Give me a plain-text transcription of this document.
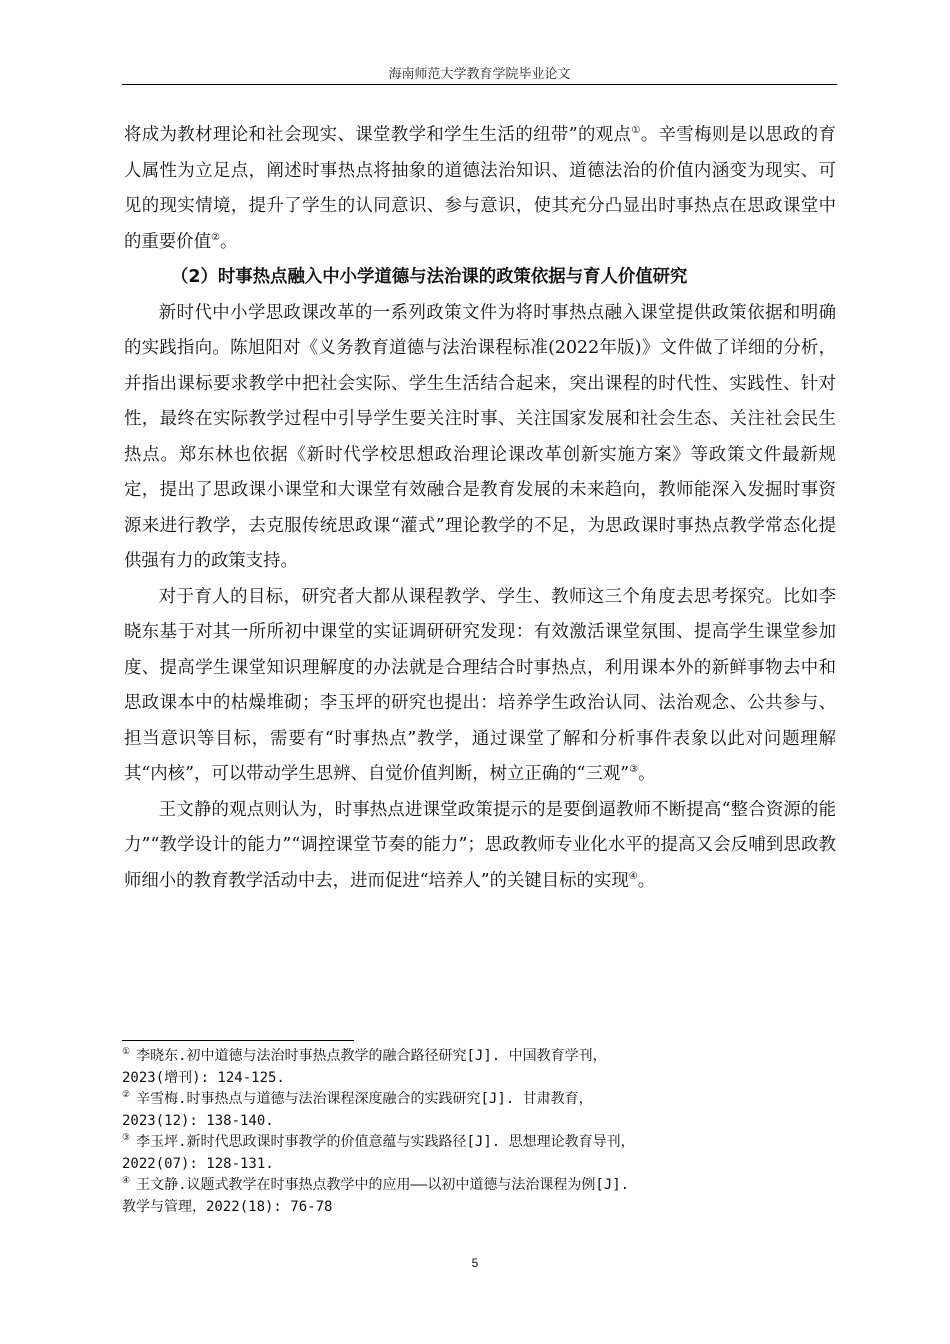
海南师范大学教育学院毕业论文

将成为教材理论和社会现实、课堂教学和学生生活的纽带”的观点①。辛雪梅则是以思政的育人属性为立足点，阐述时事热点将抽象的道德法治知识、道德法治的价值内涵变为现实、可见的现实情境，提升了学生的认同意识、参与意识，使其充分凸显出时事热点在思政课堂中的重要价值②。

（2）时事热点融入中小学道德与法治课的政策依据与育人价值研究

新时代中小学思政课改革的一系列政策文件为将时事热点融入课堂提供政策依据和明确的实践指向。陈旭阳对《义务教育道德与法治课程标准(2022年版)》文件做了详细的分析，并指出课标要求教学中把社会实际、学生生活结合起来，突出课程的时代性、实践性、针对性，最终在实际教学过程中引导学生要关注时事、关注国家发展和社会生态、关注社会民生热点。郑东林也依据《新时代学校思想政治理论课改革创新实施方案》等政策文件最新规定，提出了思政课小课堂和大课堂有效融合是教育发展的未来趋向，教师能深入发掘时事资源来进行教学，去克服传统思政课“灌式”理论教学的不足，为思政课时事热点教学常态化提供强有力的政策支持。

对于育人的目标，研究者大都从课程教学、学生、教师这三个角度去思考探究。比如李晓东基于对其一所所初中课堂的实证调研研究发现：有效激活课堂氛围、提高学生课堂参加度、提高学生课堂知识理解度的办法就是合理结合时事热点，利用课本外的新鲜事物去中和思政课本中的枯燥堆砌；李玉坪的研究也提出：培养学生政治认同、法治观念、公共参与、担当意识等目标，需要有“时事热点”教学，通过课堂了解和分析事件表象以此对问题理解其“内核”，可以带动学生思辨、自觉价值判断，树立正确的“三观”③。

王文静的观点则认为，时事热点进课堂政策提示的是要倒逼教师不断提高“整合资源的能力”“教学设计的能力”“调控课堂节奏的能力”；思政教师专业化水平的提高又会反哺到思政教师细小的教育教学活动中去，进而促进“培养人”的关键目标的实现④。

① 李晓东.初中道德与法治时事热点教学的融合路径研究[J]. 中国教育学刊，
2023(增刊): 124-125.

② 辛雪梅.时事热点与道德与法治课程深度融合的实践研究[J]. 甘肃教育，
2023(12): 138-140.

③ 李玉坪.新时代思政课时事教学的价值意蕴与实践路径[J]. 思想理论教育导刊，
2022(07): 128-131.

④ 王文静.议题式教学在时事热点教学中的应用——以初中道德与法治课程为例[J].
教学与管理，2022(18): 76-78

5
